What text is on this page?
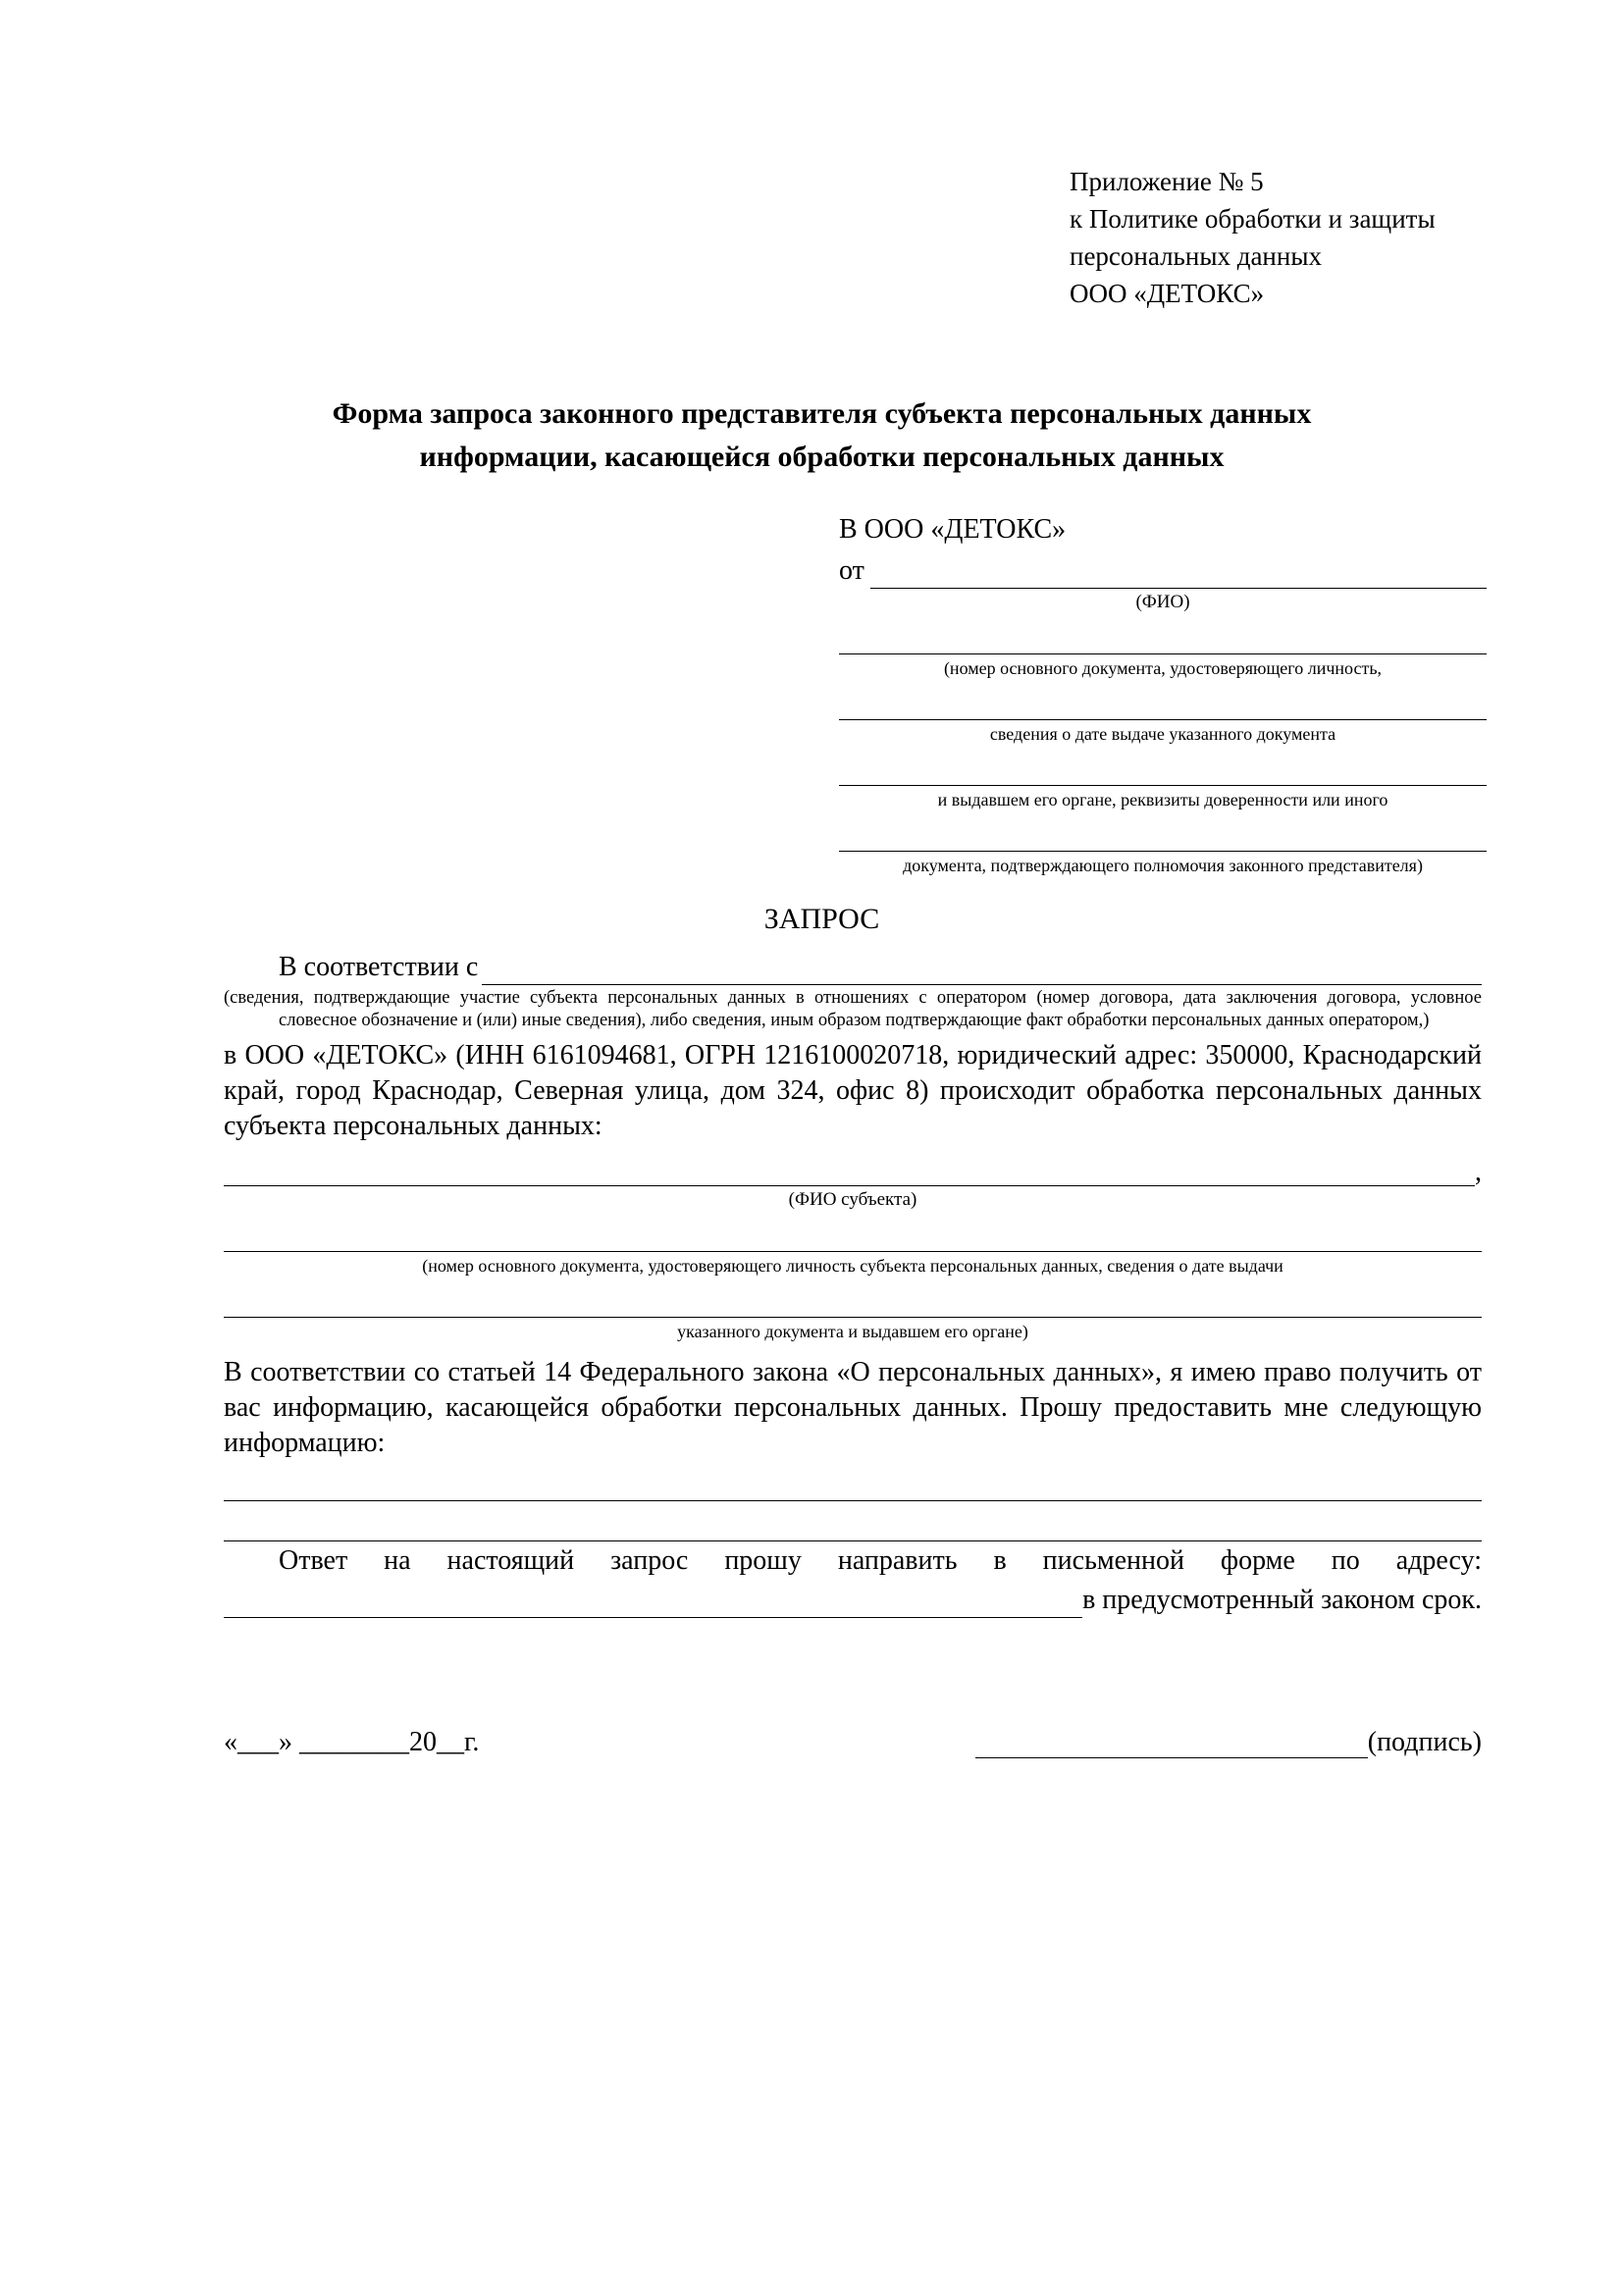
Приложение № 5
к Политике обработки и защиты
персональных данных
ООО «ДЕТОКС»
Форма запроса законного представителя субъекта персональных данных
информации, касающейся обработки персональных данных
В ООО «ДЕТОКС»
от
(ФИО)
(номер основного документа, удостоверяющего личность,
сведения о дате выдаче указанного документа
и выдавшем его органе, реквизиты доверенности или иного
документа, подтверждающего полномочия законного представителя)
ЗАПРОС
В соответствии с
(сведения, подтверждающие участие субъекта персональных данных в отношениях с оператором (номер договора, дата заключения договора, условное словесное обозначение и (или) иные сведения), либо сведения, иным образом подтверждающие факт обработки персональных данных оператором,)
в ООО «ДЕТОКС» (ИНН 6161094681, ОГРН 1216100020718, юридический адрес: 350000, Краснодарский край, город Краснодар, Северная улица, дом 324, офис 8) происходит обработка персональных данных субъекта персональных данных:
,
(ФИО субъекта)
(номер основного документа, удостоверяющего личность субъекта персональных данных, сведения о дате выдачи
указанного документа и выдавшем его органе)
В соответствии со статьей 14 Федерального закона «О персональных данных», я имею право получить от вас информацию, касающейся обработки персональных данных. Прошу предоставить мне следующую информацию:
Ответ на настоящий запрос прошу направить в письменной форме по адресу:
в предусмотренный законом срок.
«___» ________20__г.	(подпись)
